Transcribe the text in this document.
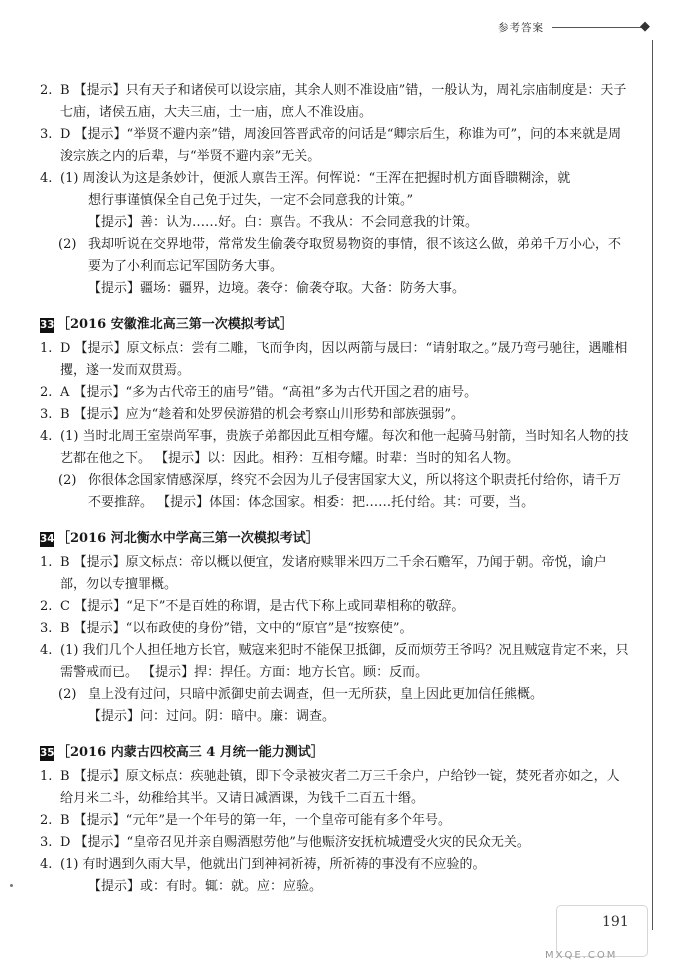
参考答案	◆
2. B 【提示】只有天子和诸侯可以设宗庙，其余人则不准设庙”错，一般认为，周礼宗庙制度是：天子七庙，诸侯五庙，大夫三庙，士一庙，庶人不准设庙。
3. D 【提示】“举贤不避内亲”错，周浚回答晋武帝的问话是“卿宗后生，称谁为可”，问的本来就是周浚宗族之内的后辈，与“举贤不避内亲”无关。
4. (1) 周浚认为这是条妙计，便派人禀告王浑。何恽说：“王浑在把握时机方面昏聩糊涂，就
想行事谨慎保全自己免于过失，一定不会同意我的计策。”
【提示】善：认为……好。白：禀告。不我从：不会同意我的计策。
(2) 我却听说在交界地带，常常发生偷袭夺取贸易物资的事情，很不该这么做，弟弟千万小心，不要为了小利而忘记军国防务大事。
【提示】疆场：疆界，边境。袭夺：偷袭夺取。大备：防务大事。
33 ［2016 安徽淮北高三第一次模拟考试］
1. D 【提示】原文标点：尝有二雕，飞而争肉，因以两箭与晟曰：“请射取之。”晟乃弯弓驰往，遇雕相攫，遂一发而双贯焉。
2. A 【提示】“多为古代帝王的庙号”错。“高祖”多为古代开国之君的庙号。
3. B 【提示】应为“趁着和处罗侯游猎的机会考察山川形势和部族强弱”。
4. (1) 当时北周王室崇尚军事，贵族子弟都因此互相夸耀。每次和他一起骑马射箭，当时知名人物的技艺都在他之下。 【提示】以：因此。相矜：互相夸耀。时辈：当时的知名人物。
(2) 你很体念国家情感深厚，终究不会因为儿子侵害国家大义，所以将这个职责托付给你，请千万不要推辞。 【提示】体国：体念国家。相委：把……托付给。其：可要，当。
34 ［2016 河北衡水中学高三第一次模拟考试］
1. B 【提示】原文标点：帝以概以便宜，发诸府赎罪米四万二千余石赡军，乃闻于朝。帝悦，谕户部，勿以专擅罪概。
2. C 【提示】“足下”不是百姓的称谓，是古代下称上或同辈相称的敬辞。
3. B 【提示】“以布政使的身份”错，文中的“原官”是“按察使”。
4. (1) 我们几个人担任地方长官，贼寇来犯时不能保卫抵御，反而烦劳王爷吗？况且贼寇肯定不来，只需警戒而已。 【提示】捍：捍任。方面：地方长官。顾：反而。
(2) 皇上没有过问，只暗中派御史前去调查，但一无所获，皇上因此更加信任熊概。
【提示】问：过问。阴：暗中。廉：调查。
35 ［2016 内蒙古四校高三 4 月统一能力测试］
1. B 【提示】原文标点：疾驰赴镇，即下令录被灾者二万三千余户，户给钞一锭，焚死者亦如之，人给月米二斗，幼稚给其半。又请日减酒课，为钱千二百五十缗。
2. B 【提示】“元年”是一个年号的第一年，一个皇帝可能有多个年号。
3. D 【提示】“皇帝召见并亲自赐酒慰劳他”与他赈济安抚杭城遭受火灾的民众无关。
4. (1) 有时遇到久雨大旱，他就出门到神祠祈祷，所祈祷的事没有不应验的。
【提示】或：有时。辄：就。应：应验。
191
MXQE.COM
